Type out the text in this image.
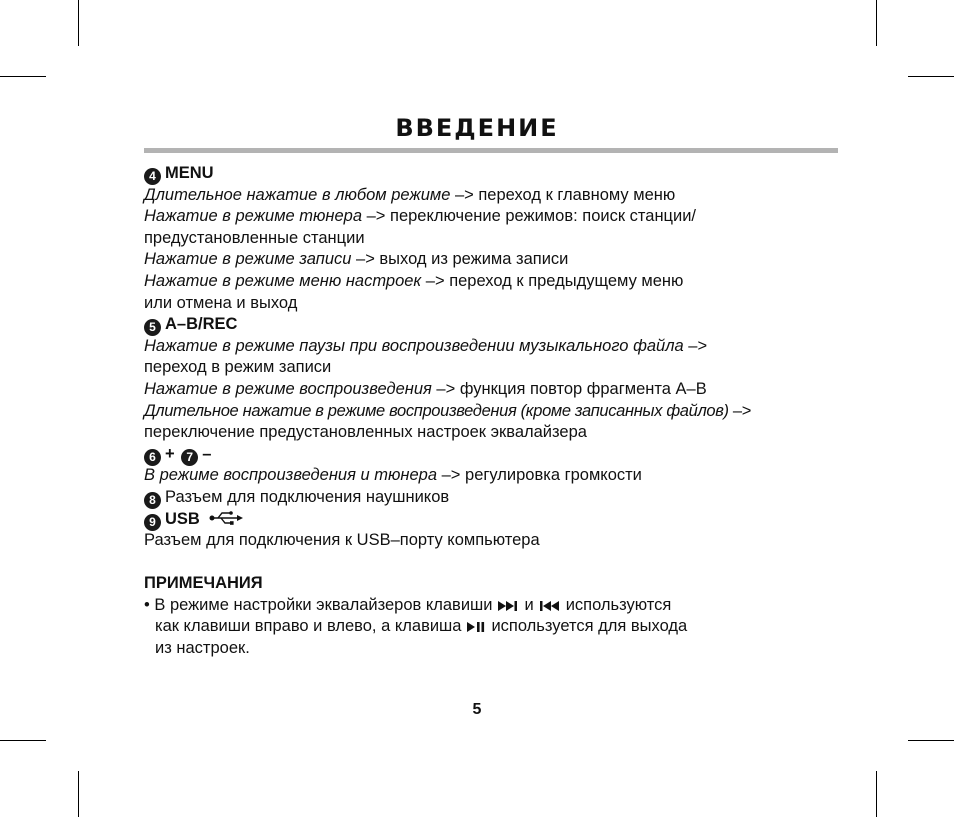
ВВЕДЕНИЕ
4 MENU
Длительное нажатие в любом режиме –> переход к главному меню
Нажатие в режиме тюнера –> переключение режимов: поиск станции/
предустановленные станции
Нажатие в режиме записи –> выход из режима записи
Нажатие в режиме меню настроек –> переход к предыдущему меню
или отмена и выход
5 A–B/REC
Нажатие в режиме паузы при воспроизведении музыкального файла –>
переход в режим записи
Нажатие в режиме воспроизведения –> функция повтор фрагмента А–В
Длительное нажатие в режиме воспроизведения (кроме записанных файлов) –>
переключение предустановленных настроек эквалайзера
6 + 7 –
В режиме воспроизведения и тюнера –> регулировка громкости
8 Разъем для подключения наушников
9 USB
Разъем для подключения к USB–порту компьютера
ПРИМЕЧАНИЯ
• В режиме настройки эквалайзеров клавиши и используются
как клавиши вправо и влево, а клавиша используется для выхода
из настроек.
5
